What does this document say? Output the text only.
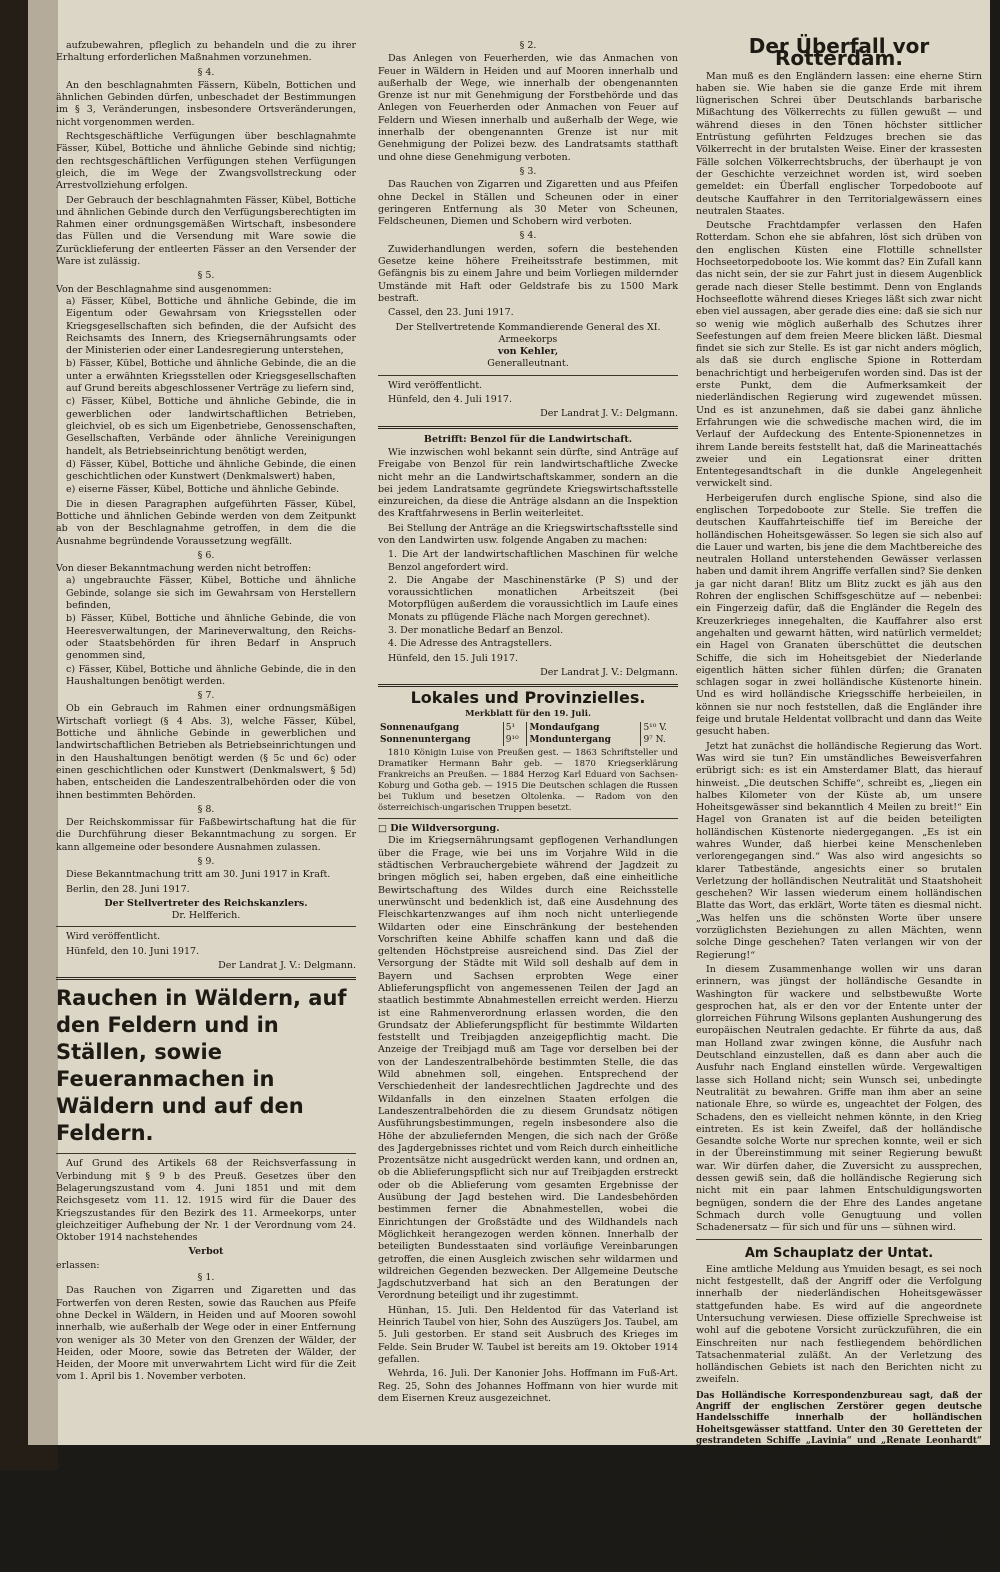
aufzubewahren, pfleglich zu behandeln und die zu ihrer Erhaltung erforderlichen Maßnahmen vorzunehmen.

§ 4.

An den beschlagnahmten Fässern, Kübeln, Bottichen und ähnlichen Gebinden dürfen, unbeschadet der Bestimmungen im § 3, Veränderungen, insbesondere Ortsveränderungen, nicht vorgenommen werden.

Rechtsgeschäftliche Verfügungen über beschlagnahmte Fässer, Kübel, Bottiche und ähnliche Gebinde sind nichtig; den rechtsgeschäftlichen Verfügungen stehen Verfügungen gleich, die im Wege der Zwangsvollstreckung oder Arrestvollziehung erfolgen.

Der Gebrauch der beschlagnahmten Fässer, Kübel, Bottiche und ähnlichen Gebinde durch den Verfügungsberechtigten im Rahmen einer ordnungsgemäßen Wirtschaft, insbesondere das Füllen und die Versendung mit Ware sowie die Zurücklieferung der entleerten Fässer an den Versender der Ware ist zulässig.

§ 5.

Von der Beschlagnahme sind ausgenommen:

a) Fässer, Kübel, Bottiche und ähnliche Gebinde, die im Eigentum oder Gewahrsam von Kriegsstellen oder Kriegsgesellschaften sich befinden, die der Aufsicht des Reichsamts des Innern, des Kriegsernährungsamts oder der Ministerien oder einer Landesregierung unterstehen,
b) Fässer, Kübel, Bottiche und ähnliche Gebinde, die an die unter a erwähnten Kriegsstellen oder Kriegsgesellschaften auf Grund bereits abgeschlossener Verträge zu liefern sind,
c) Fässer, Kübel, Bottiche und ähnliche Gebinde, die in gewerblichen oder landwirtschaftlichen Betrieben, gleichviel, ob es sich um Eigenbetriebe, Genossenschaften, Gesellschaften, Verbände oder ähnliche Vereinigungen handelt, als Betriebseinrichtung benötigt werden,
d) Fässer, Kübel, Bottiche und ähnliche Gebinde, die einen geschichtlichen oder Kunstwert (Denkmalswert) haben,
e) eiserne Fässer, Kübel, Bottiche und ähnliche Gebinde.

Die in diesen Paragraphen aufgeführten Fässer, Kübel, Bottiche und ähnlichen Gebinde werden von dem Zeitpunkt ab von der Beschlagnahme getroffen, in dem die die Ausnahme begründende Voraussetzung wegfällt.

§ 6.

Von dieser Bekanntmachung werden nicht betroffen:

a) ungebrauchte Fässer, Kübel, Bottiche und ähnliche Gebinde, solange sie sich im Gewahrsam von Herstellern befinden,
b) Fässer, Kübel, Bottiche und ähnliche Gebinde, die von Heeresverwaltungen, der Marineverwaltung, den Reichs- oder Staatsbehörden für ihren Bedarf in Anspruch genommen sind,
c) Fässer, Kübel, Bottiche und ähnliche Gebinde, die in den Haushaltungen benötigt werden.

§ 7.

Ob ein Gebrauch im Rahmen einer ordnungsmäßigen Wirtschaft vorliegt (§ 4 Abs. 3), welche Fässer, Kübel, Bottiche und ähnliche Gebinde in gewerblichen und landwirtschaftlichen Betrieben als Betriebseinrichtungen und in den Haushaltungen benötigt werden (§ 5c und 6c) oder einen geschichtlichen oder Kunstwert (Denkmalswert, § 5d) haben, entscheiden die Landeszentralbehörden oder die von ihnen bestimmten Behörden.

§ 8.

Der Reichskommissar für Faßbewirtschaftung hat die für die Durchführung dieser Bekanntmachung zu sorgen. Er kann allgemeine oder besondere Ausnahmen zulassen.

§ 9.

Diese Bekanntmachung tritt am 30. Juni 1917 in Kraft.

Berlin, den 28. Juni 1917.

Der Stellvertreter des Reichskanzlers.

Dr. Helfferich.

Wird veröffentlicht.

Hünfeld, den 10. Juni 1917.

Der Landrat J. V.: Delgmann.

Rauchen in Wäldern, auf den Feldern und in Ställen, sowie Feueranmachen in Wäldern und auf den Feldern.

Auf Grund des Artikels 68 der Reichsverfassung in Verbindung mit § 9 b des Preuß. Gesetzes über den Belagerungszustand vom 4. Juni 1851 und mit dem Reichsgesetz vom 11. 12. 1915 wird für die Dauer des Kriegszustandes für den Bezirk des 11. Armeekorps, unter gleichzeitiger Aufhebung der Nr. 1 der Verordnung vom 24. Oktober 1914 nachstehendes

Verbot

erlassen:

§ 1.

Das Rauchen von Zigarren und Zigaretten und das Fortwerfen von deren Resten, sowie das Rauchen aus Pfeife ohne Deckel in Wäldern, in Heiden und auf Mooren sowohl innerhalb, wie außerhalb der Wege oder in einer Entfernung von weniger als 30 Meter von den Grenzen der Wälder, der Heiden, oder Moore, sowie das Betreten der Wälder, der Heiden, der Moore mit unverwahrtem Licht wird für die Zeit vom 1. April bis 1. November verboten.

§ 2.

Das Anlegen von Feuerherden, wie das Anmachen von Feuer in Wäldern in Heiden und auf Mooren innerhalb und außerhalb der Wege, wie innerhalb der obengenannten Grenze ist nur mit Genehmigung der Forstbehörde und das Anlegen von Feuerherden oder Anmachen von Feuer auf Feldern und Wiesen innerhalb und außerhalb der Wege, wie innerhalb der obengenannten Grenze ist nur mit Genehmigung der Polizei bezw. des Landratsamts statthaft und ohne diese Genehmigung verboten.

§ 3.

Das Rauchen von Zigarren und Zigaretten und aus Pfeifen ohne Deckel in Ställen und Scheunen oder in einer geringeren Entfernung als 30 Meter von Scheunen, Feldscheunen, Diemen und Schobern wird verboten.

§ 4.

Zuwiderhandlungen werden, sofern die bestehenden Gesetze keine höhere Freiheitsstrafe bestimmen, mit Gefängnis bis zu einem Jahre und beim Vorliegen mildernder Umstände mit Haft oder Geldstrafe bis zu 1500 Mark bestraft.

Cassel, den 23. Juni 1917.

Der Stellvertretende Kommandierende General des XI. Armeekorps

von Kehler,

Generalleutnant.

Wird veröffentlicht.

Hünfeld, den 4. Juli 1917.

Der Landrat J. V.: Delgmann.

Betrifft: Benzol für die Landwirtschaft.

Wie inzwischen wohl bekannt sein dürfte, sind Anträge auf Freigabe von Benzol für rein landwirtschaftliche Zwecke nicht mehr an die Landwirtschaftskammer, sondern an die bei jedem Landratsamte gegründete Kriegswirtschaftsstelle einzureichen, da diese die Anträge alsdann an die Inspektion des Kraftfahrwesens in Berlin weiterleitet.

Bei Stellung der Anträge an die Kriegswirtschaftsstelle sind von den Landwirten usw. folgende Angaben zu machen:

1. Die Art der landwirtschaftlichen Maschinen für welche Benzol angefordert wird.
2. Die Angabe der Maschinenstärke (P S) und der voraussichtlichen monatlichen Arbeitszeit (bei Motorpflügen außerdem die voraussichtlich im Laufe eines Monats zu pflügende Fläche nach Morgen gerechnet).
3. Der monatliche Bedarf an Benzol.
4. Die Adresse des Antragstellers.

Hünfeld, den 15. Juli 1917.

Der Landrat J. V.: Delgmann.

Lokales und Provinzielles.

Merkblatt für den 19. Juli.

Sonnenaufgang	5¹	Mondaufgang	5¹⁰ V.
Sonnenuntergang	9¹⁰	Monduntergang	9⁷ N.

1810 Königin Luise von Preußen gest. — 1863 Schriftsteller und Dramatiker Hermann Bahr geb. — 1870 Kriegserklärung Frankreichs an Preußen. — 1884 Herzog Karl Eduard von Sachsen-Koburg und Gotha geb. — 1915 Die Deutschen schlagen die Russen bei Tuklum und besetzen Oltolenka. — Radom von den österreichisch-ungarischen Truppen besetzt.

□ Die Wildversorgung.

Die im Kriegsernährungsamt gepflogenen Verhandlungen über die Frage, wie bei uns im Vorjahre Wild in die städtischen Verbrauchergebiete während der Jagdzeit zu bringen möglich sei, haben ergeben, daß eine einheitliche Bewirtschaftung des Wildes durch eine Reichsstelle unerwünscht und bedenklich ist, daß eine Ausdehnung des Fleischkartenzwanges auf ihm noch nicht unterliegende Wildarten oder eine Einschränkung der bestehenden Vorschriften keine Abhilfe schaffen kann und daß die geltenden Höchstpreise ausreichend sind. Das Ziel der Versorgung der Städte mit Wild soll deshalb auf dem in Bayern und Sachsen erprobten Wege einer Ablieferungspflicht von angemessenen Teilen der Jagd an staatlich bestimmte Abnahmestellen erreicht werden. Hierzu ist eine Rahmenverordnung erlassen worden, die den Grundsatz der Ablieferungspflicht für bestimmte Wildarten feststellt und Treibjagden anzeigepflichtig macht. Die Anzeige der Treibjagd muß am Tage vor derselben bei der von der Landeszentralbehörde bestimmten Stelle, die das Wild abnehmen soll, eingehen. Entsprechend der Verschiedenheit der landesrechtlichen Jagdrechte und des Wildanfalls in den einzelnen Staaten erfolgen die Landeszentralbehörden die zu diesem Grundsatz nötigen Ausführungsbestimmungen, regeln insbesondere also die Höhe der abzuliefernden Mengen, die sich nach der Größe des Jagdergebnisses richtet und vom Reich durch einheitliche Prozentsätze nicht ausgedrückt werden kann, und ordnen an, ob die Ablieferungspflicht sich nur auf Treibjagden erstreckt oder ob die Ablieferung vom gesamten Ergebnisse der Ausübung der Jagd bestehen wird. Die Landesbehörden bestimmen ferner die Abnahmestellen, wobei die Einrichtungen der Großstädte und des Wildhandels nach Möglichkeit herangezogen werden können. Innerhalb der beteiligten Bundesstaaten sind vorläufige Vereinbarungen getroffen, die einen Ausgleich zwischen sehr wildarmen und wildreichen Gegenden bezwecken. Der Allgemeine Deutsche Jagdschutzverband hat sich an den Beratungen der Verordnung beteiligt und ihr zugestimmt.

Hünhan, 15. Juli. Den Heldentod für das Vaterland ist Heinrich Taubel von hier, Sohn des Auszügers Jos. Taubel, am 5. Juli gestorben. Er stand seit Ausbruch des Krieges im Felde. Sein Bruder W. Taubel ist bereits am 19. Oktober 1914 gefallen.

Wehrda, 16. Juli. Der Kanonier Johs. Hoffmann im Fuß-Art. Reg. 25, Sohn des Johannes Hoffmann von hier wurde mit dem Eisernen Kreuz ausgezeichnet.

Der Überfall vor Rotterdam.

Man muß es den Engländern lassen: eine eherne Stirn haben sie. Wie haben sie die ganze Erde mit ihrem lügnerischen Schrei über Deutschlands barbarische Mißachtung des Völkerrechts zu füllen gewußt — und während dieses in den Tönen höchster sittlicher Entrüstung geführten Feldzuges brechen sie das Völkerrecht in der brutalsten Weise. Einer der krassesten Fälle solchen Völkerrechtsbruchs, der überhaupt je von der Geschichte verzeichnet worden ist, wird soeben gemeldet: ein Überfall englischer Torpedoboote auf deutsche Kauffahrer in den Territorialgewässern eines neutralen Staates.

Deutsche Frachtdampfer verlassen den Hafen Rotterdam. Schon ehe sie abfahren, löst sich drüben von den englischen Küsten eine Flottille schnellster Hochseetorpedoboote los. Wie kommt das? Ein Zufall kann das nicht sein, der sie zur Fahrt just in diesem Augenblick gerade nach dieser Stelle bestimmt. Denn von Englands Hochseeflotte während dieses Krieges läßt sich zwar nicht eben viel aussagen, aber gerade dies eine: daß sie sich nur so wenig wie möglich außerhalb des Schutzes ihrer Seefestungen auf dem freien Meere blicken läßt. Diesmal findet sie sich zur Stelle. Es ist gar nicht anders möglich, als daß sie durch englische Spione in Rotterdam benachrichtigt und herbeigerufen worden sind. Das ist der erste Punkt, dem die Aufmerksamkeit der niederländischen Regierung wird zugewendet müssen. Und es ist anzunehmen, daß sie dabei ganz ähnliche Erfahrungen wie die schwedische machen wird, die im Verlauf der Aufdeckung des Entente-Spionennetzes in ihrem Lande bereits feststellt hat, daß die Marineattachés zweier und ein Legationsrat einer dritten Ententegesandtschaft in die dunkle Angelegenheit verwickelt sind.

Herbeigerufen durch englische Spione, sind also die englischen Torpedoboote zur Stelle. Sie treffen die deutschen Kauffahrteischiffe tief im Bereiche der holländischen Hoheitsgewässer. So legen sie sich also auf die Lauer und warten, bis jene die dem Machtbereiche des neutralen Holland unterstehenden Gewässer verlassen haben und damit ihrem Angriffe verfallen sind? Sie denken ja gar nicht daran! Blitz um Blitz zuckt es jäh aus den Rohren der englischen Schiffsgeschütze auf — nebenbei: ein Fingerzeig dafür, daß die Engländer die Regeln des Kreuzerkrieges innegehalten, die Kauffahrer also erst angehalten und gewarnt hätten, wird natürlich vermeldet; ein Hagel von Granaten überschüttet die deutschen Schiffe, die sich im Hoheitsgebiet der Niederlande eigentlich hätten sicher fühlen dürfen; die Granaten schlagen sogar in zwei holländische Küstenorte hinein. Und es wird holländische Kriegsschiffe herbeieilen, in können sie nur noch feststellen, daß die Engländer ihre feige und brutale Heldentat vollbracht und dann das Weite gesucht haben.

Jetzt hat zunächst die holländische Regierung das Wort. Was wird sie tun? Ein umständliches Beweisverfahren erübrigt sich: es ist ein Amsterdamer Blatt, das hierauf hinweist. „Die deutschen Schiffe“, schreibt es, „liegen ein halbes Kilometer von der Küste ab, um unsere Hoheitsgewässer sind bekanntlich 4 Meilen zu breit!“ Ein Hagel von Granaten ist auf die beiden beteiligten holländischen Küstenorte niedergegangen. „Es ist ein wahres Wunder, daß hierbei keine Menschenleben verlorengegangen sind.“ Was also wird angesichts so klarer Tatbestände, angesichts einer so brutalen Verletzung der holländischen Neutralität und Staatshoheit geschehen? Wir lassen wiederum einem holländischen Blatte das Wort, das erklärt, Worte täten es diesmal nicht. „Was helfen uns die schönsten Worte über unsere vorzüglichsten Beziehungen zu allen Mächten, wenn solche Dinge geschehen? Taten verlangen wir von der Regierung!“

In diesem Zusammenhange wollen wir uns daran erinnern, was jüngst der holländische Gesandte in Washington für wackere und selbstbewußte Worte gesprochen hat, als er den vor der Entente unter der glorreichen Führung Wilsons geplanten Aushungerung des europäischen Neutralen gedachte. Er führte da aus, daß man Holland zwar zwingen könne, die Ausfuhr nach Deutschland einzustellen, daß es dann aber auch die Ausfuhr nach England einstellen würde. Vergewaltigen lasse sich Holland nicht; sein Wunsch sei, unbedingte Neutralität zu bewahren. Griffe man ihm aber an seine nationale Ehre, so würde es, ungeachtet der Folgen, des Schadens, den es vielleicht nehmen könnte, in den Krieg eintreten. Es ist kein Zweifel, daß der holländische Gesandte solche Worte nur sprechen konnte, weil er sich in der Übereinstimmung mit seiner Regierung bewußt war. Wir dürfen daher, die Zuversicht zu aussprechen, dessen gewiß sein, daß die holländische Regierung sich nicht mit ein paar lahmen Entschuldigungsworten begnügen, sondern die der Ehre des Landes angetane Schmach durch volle Genugtuung und vollen Schadenersatz — für sich und für uns — sühnen wird.

Am Schauplatz der Untat.

Eine amtliche Meldung aus Ymuiden besagt, es sei noch nicht festgestellt, daß der Angriff oder die Verfolgung innerhalb der niederländischen Hoheitsgewässer stattgefunden habe. Es wird auf die angeordnete Untersuchung verwiesen. Diese offizielle Sprechweise ist wohl auf die gebotene Vorsicht zurückzuführen, die ein Einschreiten nur nach festliegendem behördlichen Tatsachenmaterial zuläßt. An der Verletzung des holländischen Gebiets ist nach den Berichten nicht zu zweifeln.

Das Holländische Korrespondenzbureau sagt, daß der Angriff der englischen Zerstörer gegen deutsche Handelsschiffe innerhalb der holländischen Hoheitsgewässer stattfand. Unter den 30 Geretteten der gestrandeten Schiffe „Lavinia“ und „Renate Leonhardt“ sind mehrere verletzt. Mehrere Tote wurden geborgen. Die Besatzung des Dampfers „Heinrich Blumberg“ ist in Nieuwediep eingetroffen. Der Direktor des Hotels Nassau in Bergen am See sah etwa 400—500 Meter von der Küste entfernt 2 Dampfer liegen, etwas weiter lagen zwei Dampfer ebenfalls fest. In nächster Nähe wurden vierzehn englische Zerstörer waren in der Nähe und beschossen die beiden Schiffe. Der Augenzeuge sagt, daß nach seiner Schätzung die englischen Fahrzeuge innerhalb der holländischen Hoheitsgewässer sich befanden.
